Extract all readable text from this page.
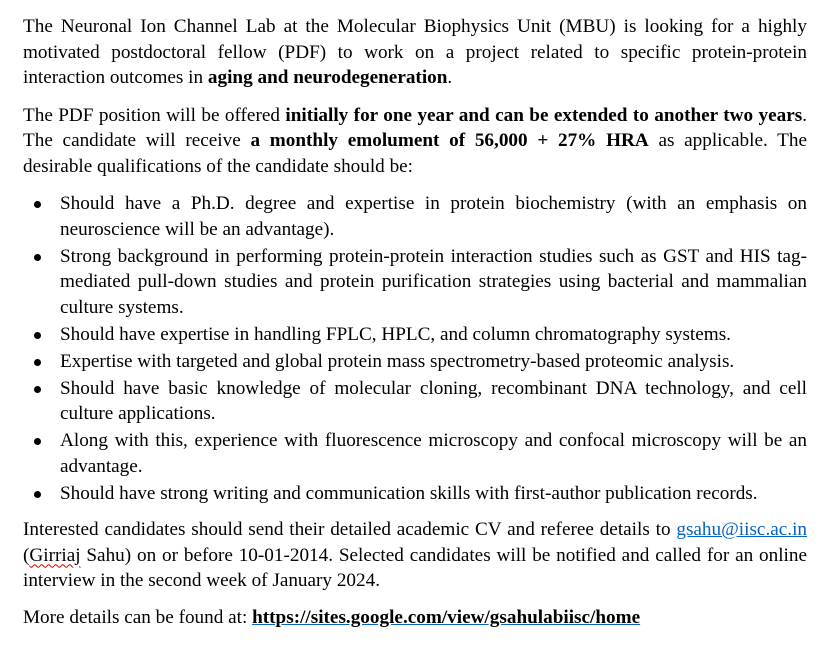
The Neuronal Ion Channel Lab at the Molecular Biophysics Unit (MBU) is looking for a highly motivated postdoctoral fellow (PDF) to work on a project related to specific protein-protein interaction outcomes in aging and neurodegeneration.

The PDF position will be offered initially for one year and can be extended to another two years. The candidate will receive a monthly emolument of 56,000 + 27% HRA as applicable. The desirable qualifications of the candidate should be:

Should have a Ph.D. degree and expertise in protein biochemistry (with an emphasis on neuroscience will be an advantage).
Strong background in performing protein-protein interaction studies such as GST and HIS tag-mediated pull-down studies and protein purification strategies using bacterial and mammalian culture systems.
Should have expertise in handling FPLC, HPLC, and column chromatography systems.
Expertise with targeted and global protein mass spectrometry-based proteomic analysis.
Should have basic knowledge of molecular cloning, recombinant DNA technology, and cell culture applications.
Along with this, experience with fluorescence microscopy and confocal microscopy will be an advantage.
Should have strong writing and communication skills with first-author publication records.

Interested candidates should send their detailed academic CV and referee details to gsahu@iisc.ac.in (Girriaj Sahu) on or before 10-01-2014. Selected candidates will be notified and called for an online interview in the second week of January 2024.

More details can be found at: https://sites.google.com/view/gsahulabiisc/home
